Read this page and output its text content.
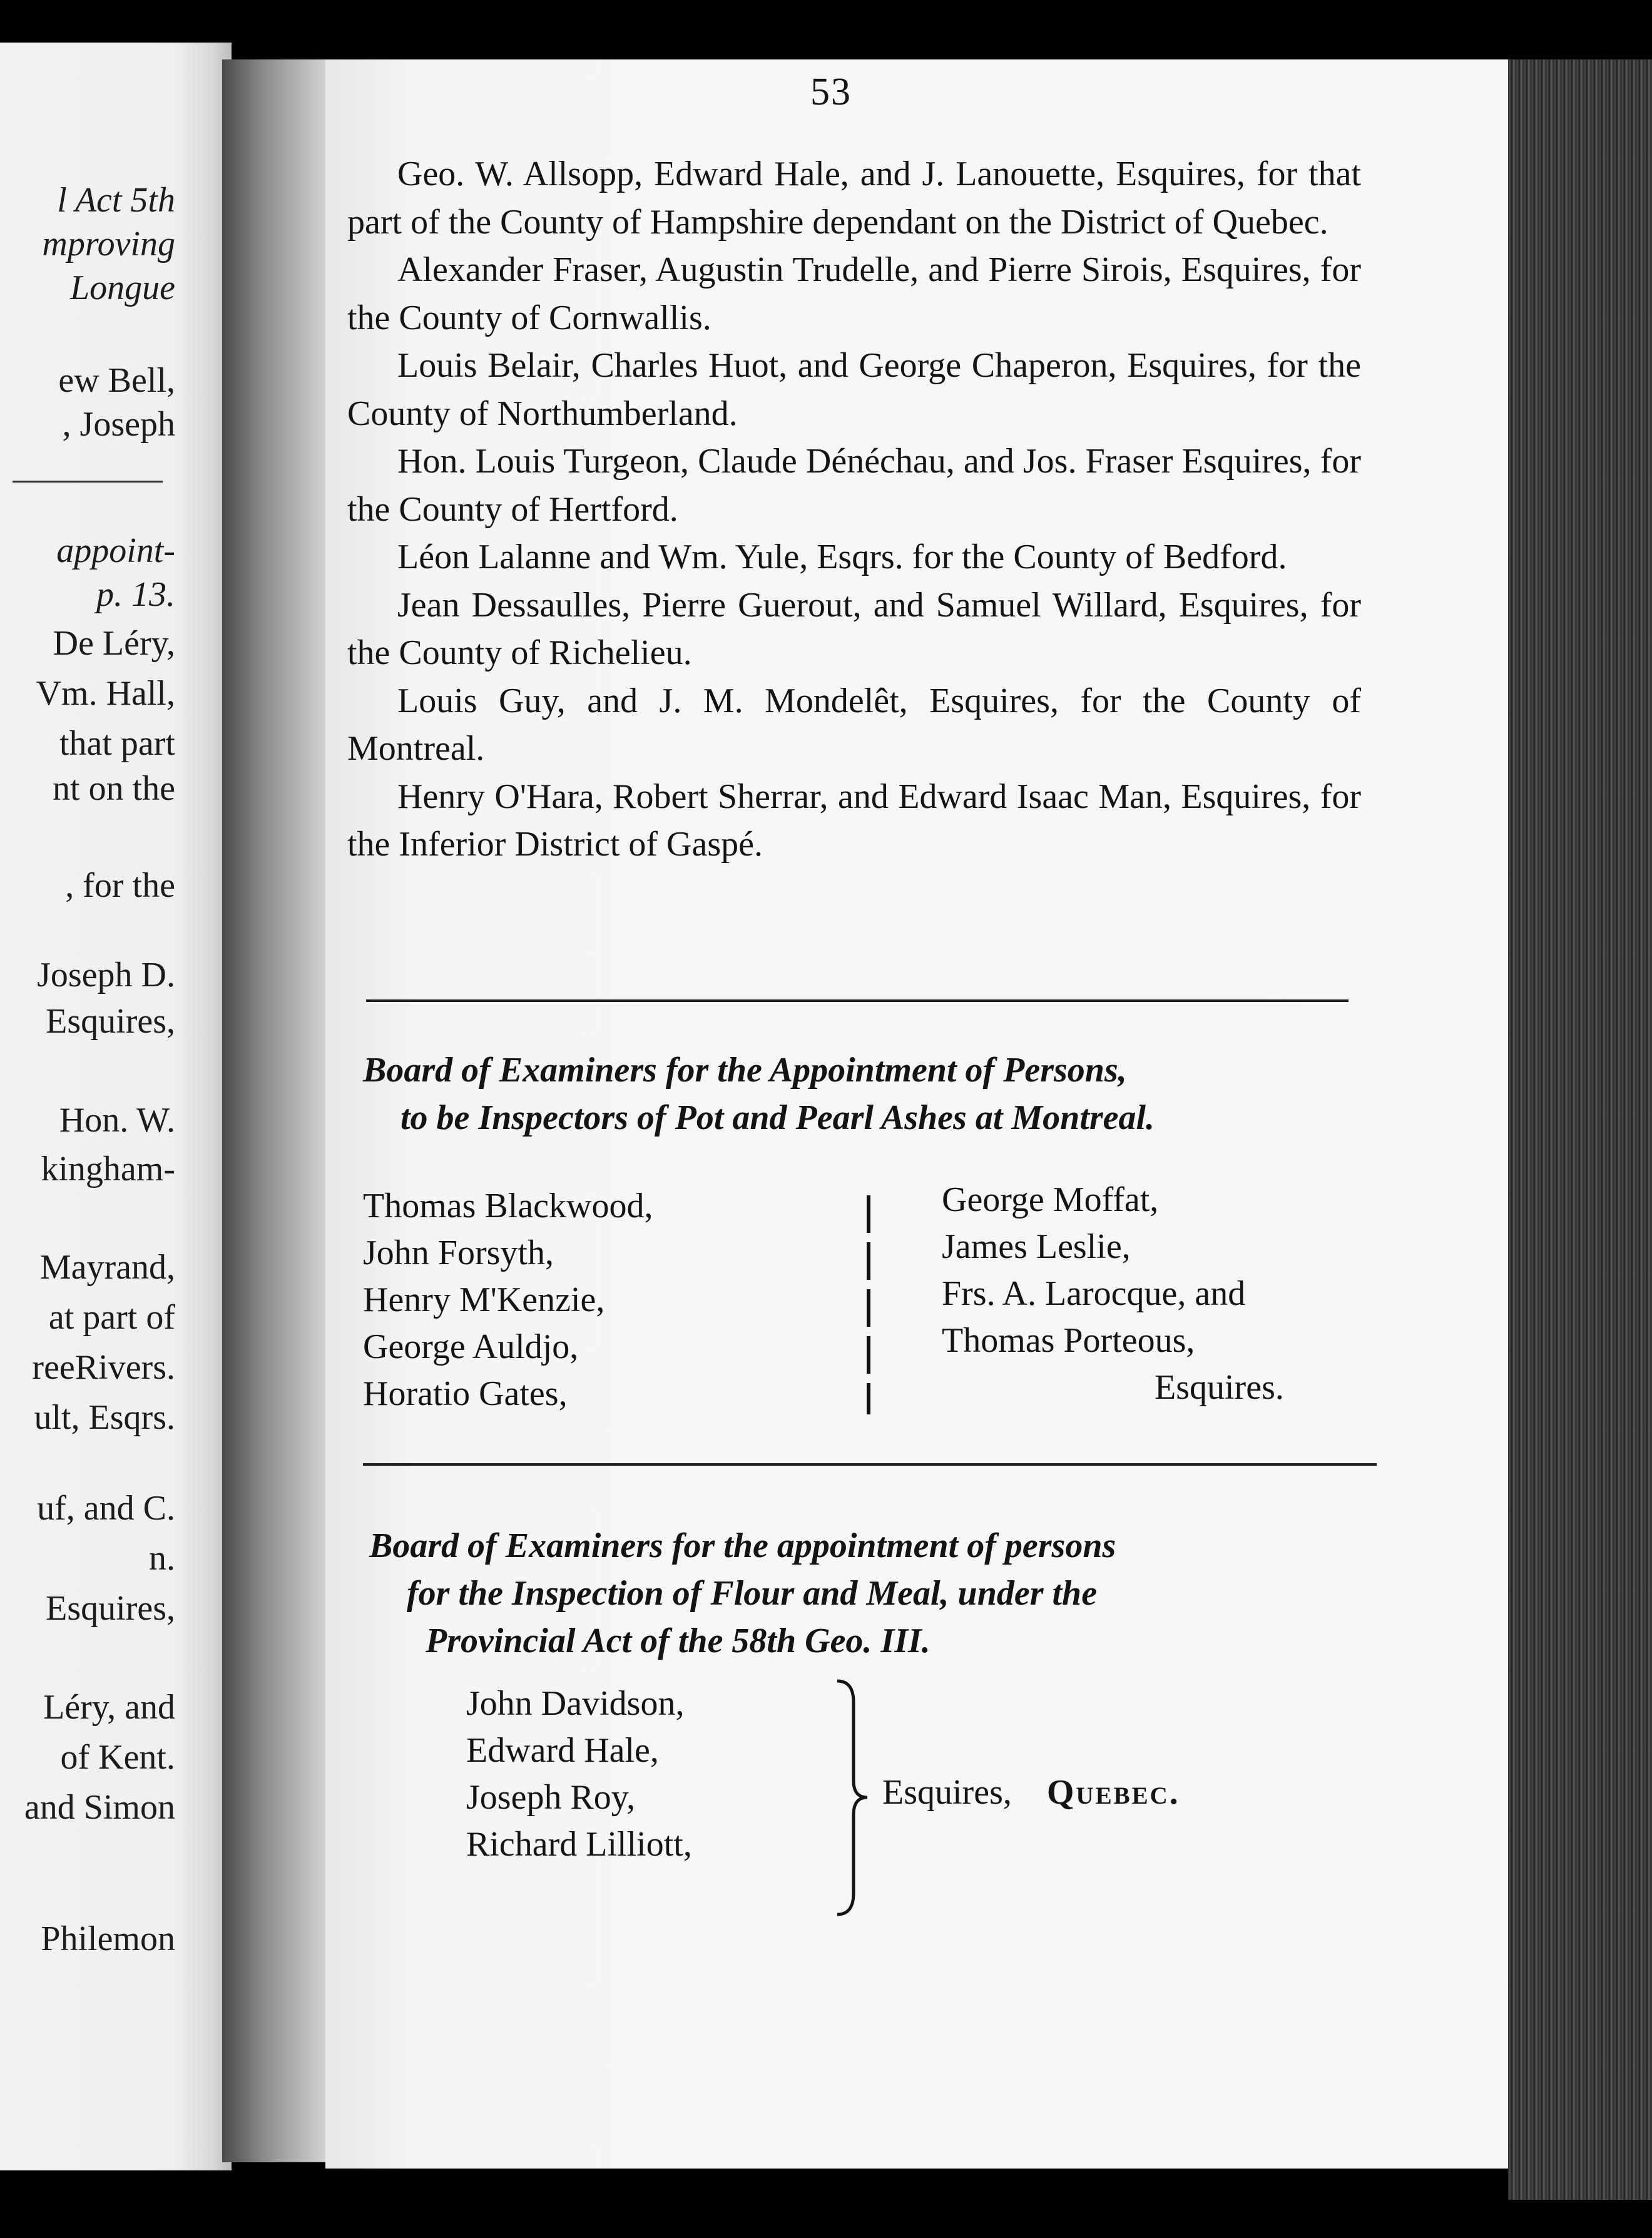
l Act 5th
mproving
Longue
ew Bell,
, Joseph
appoint-
p. 13.
De Léry,
Vm. Hall,
that part
nt on the
, for the
Joseph D.
Esquires,
Hon. W.
kingham-
Mayrand,
at part of
reeRivers.
ult, Esqrs.
uf, and C.
n.
Esquires,
Léry, and
of Kent.
and Simon
Philemon
53

Geo. W. Allsopp, Edward Hale, and J. Lanouette, Esquires, for that part of the County of Hampshire dependant on the District of Quebec.

Alexander Fraser, Augustin Trudelle, and Pierre Sirois, Esquires, for the County of Cornwallis.

Louis Belair, Charles Huot, and George Chaperon, Esquires, for the County of Northumberland.

Hon. Louis Turgeon, Claude Dénéchau, and Jos. Fraser Esquires, for the County of Hertford.

Léon Lalanne and Wm. Yule, Esqrs. for the County of Bedford.

Jean Dessaulles, Pierre Guerout, and Samuel Willard, Esquires, for the County of Richelieu.

Louis Guy, and J. M. Mondelêt, Esquires, for the County of Montreal.

Henry O'Hara, Robert Sherrar, and Edward Isaac Man, Esquires, for the Inferior District of Gaspé.

Board of Examiners for the Appointment of Persons,
to be Inspectors of Pot and Pearl Ashes at Montreal.
Thomas Blackwood,
John Forsyth,
Henry M'Kenzie,
George Auldjo,
Horatio Gates,
George Moffat,
James Leslie,
Frs. A. Larocque, and
Thomas Porteous,
Esquires.
Board of Examiners for the appointment of persons
for the Inspection of Flour and Meal, under the
Provincial Act of the 58th Geo. III.
John Davidson,
Edward Hale,
Joseph Roy,
Richard Lilliott,
Esquires, Quebec.
